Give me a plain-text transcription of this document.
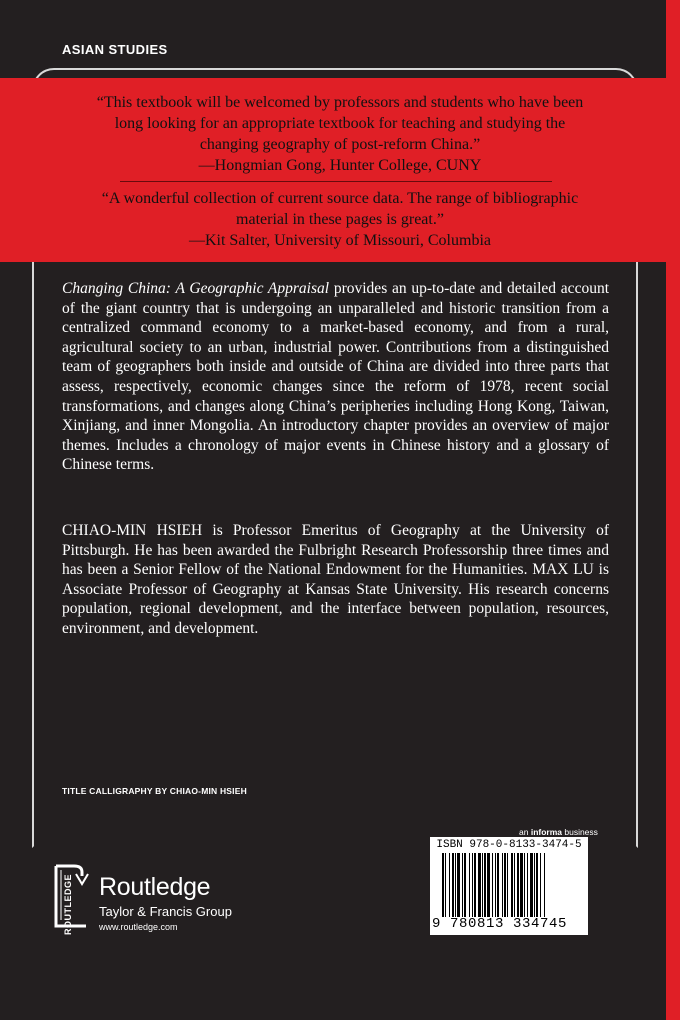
ASIAN STUDIES
“This textbook will be welcomed by professors and students who have been long looking for an appropriate textbook for teaching and studying the changing geography of post-reform China.”
—Hongmian Gong, Hunter College, CUNY
“A wonderful collection of current source data. The range of bibliographic material in these pages is great.”
—Kit Salter, University of Missouri, Columbia
Changing China: A Geographic Appraisal provides an up-to-date and detailed account of the giant country that is undergoing an unparalleled and historic transition from a centralized command economy to a market-based economy, and from a rural, agricultural society to an urban, industrial power. Contributions from a distinguished team of geographers both inside and outside of China are divided into three parts that assess, respectively, economic changes since the reform of 1978, recent social transformations, and changes along China’s peripheries including Hong Kong, Taiwan, Xinjiang, and inner Mongolia. An introductory chapter provides an overview of major themes. Includes a chronology of major events in Chinese history and a glossary of Chinese terms.
CHIAO-MIN HSIEH is Professor Emeritus of Geography at the University of Pittsburgh. He has been awarded the Fulbright Research Professorship three times and has been a Senior Fellow of the National Endowment for the Humanities. MAX LU is Associate Professor of Geography at Kansas State University. His research concerns population, regional development, and the interface between population, resources, environment, and development.
TITLE CALLIGRAPHY BY CHIAO-MIN HSIEH
an informa business
ISBN 978-0-8133-3474-5
9 780813 334745
ROUTLEDGE Routledge
Taylor & Francis Group
www.routledge.com
